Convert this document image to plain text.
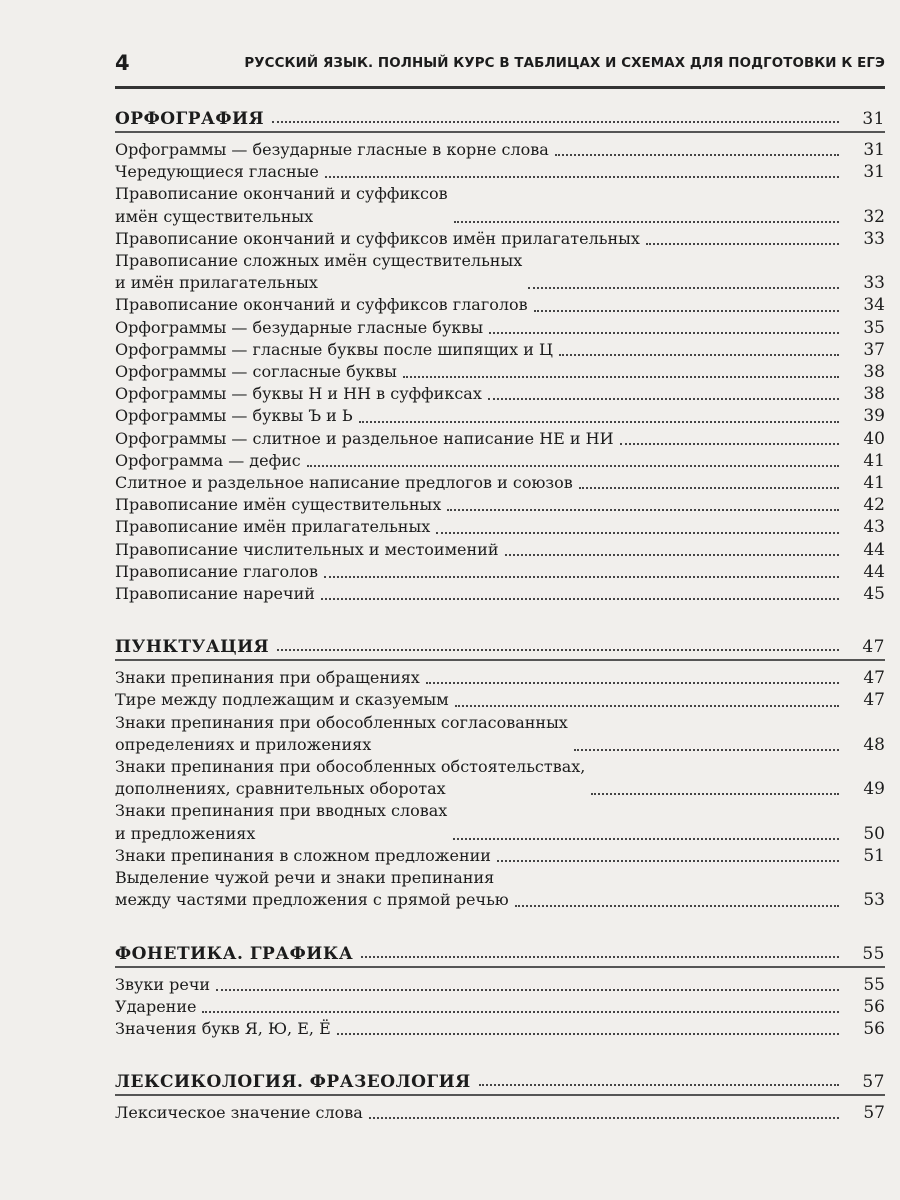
4	РУССКИЙ ЯЗЫК. ПОЛНЫЙ КУРС В ТАБЛИЦАХ И СХЕМАХ ДЛЯ ПОДГОТОВКИ К ЕГЭ
ОРФОГРАФИЯ	31
Орфограммы — безударные гласные в корне слова	31
Чередующиеся гласные	31
Правописание окончаний и суффиксов
имён существительных	32
Правописание окончаний и суффиксов имён прилагательных	33
Правописание сложных имён существительных
и имён прилагательных	33
Правописание окончаний и суффиксов глаголов	34
Орфограммы — безударные гласные буквы	35
Орфограммы — гласные буквы после шипящих и Ц	37
Орфограммы — согласные буквы	38
Орфограммы — буквы Н и НН в суффиксах	38
Орфограммы — буквы Ъ и Ь	39
Орфограммы — слитное и раздельное написание НЕ и НИ	40
Орфограмма — дефис	41
Слитное и раздельное написание предлогов и союзов	41
Правописание имён существительных	42
Правописание имён прилагательных	43
Правописание числительных и местоимений	44
Правописание глаголов	44
Правописание наречий	45
ПУНКТУАЦИЯ	47
Знаки препинания при обращениях	47
Тире между подлежащим и сказуемым	47
Знаки препинания при обособленных согласованных
определениях и приложениях	48
Знаки препинания при обособленных обстоятельствах,
дополнениях, сравнительных оборотах	49
Знаки препинания при вводных словах
и предложениях	50
Знаки препинания в сложном предложении	51
Выделение чужой речи и знаки препинания
между частями предложения с прямой речью	53
ФОНЕТИКА. ГРАФИКА	55
Звуки речи	55
Ударение	56
Значения букв Я, Ю, Е, Ё	56
ЛЕКСИКОЛОГИЯ. ФРАЗЕОЛОГИЯ	57
Лексическое значение слова	57
